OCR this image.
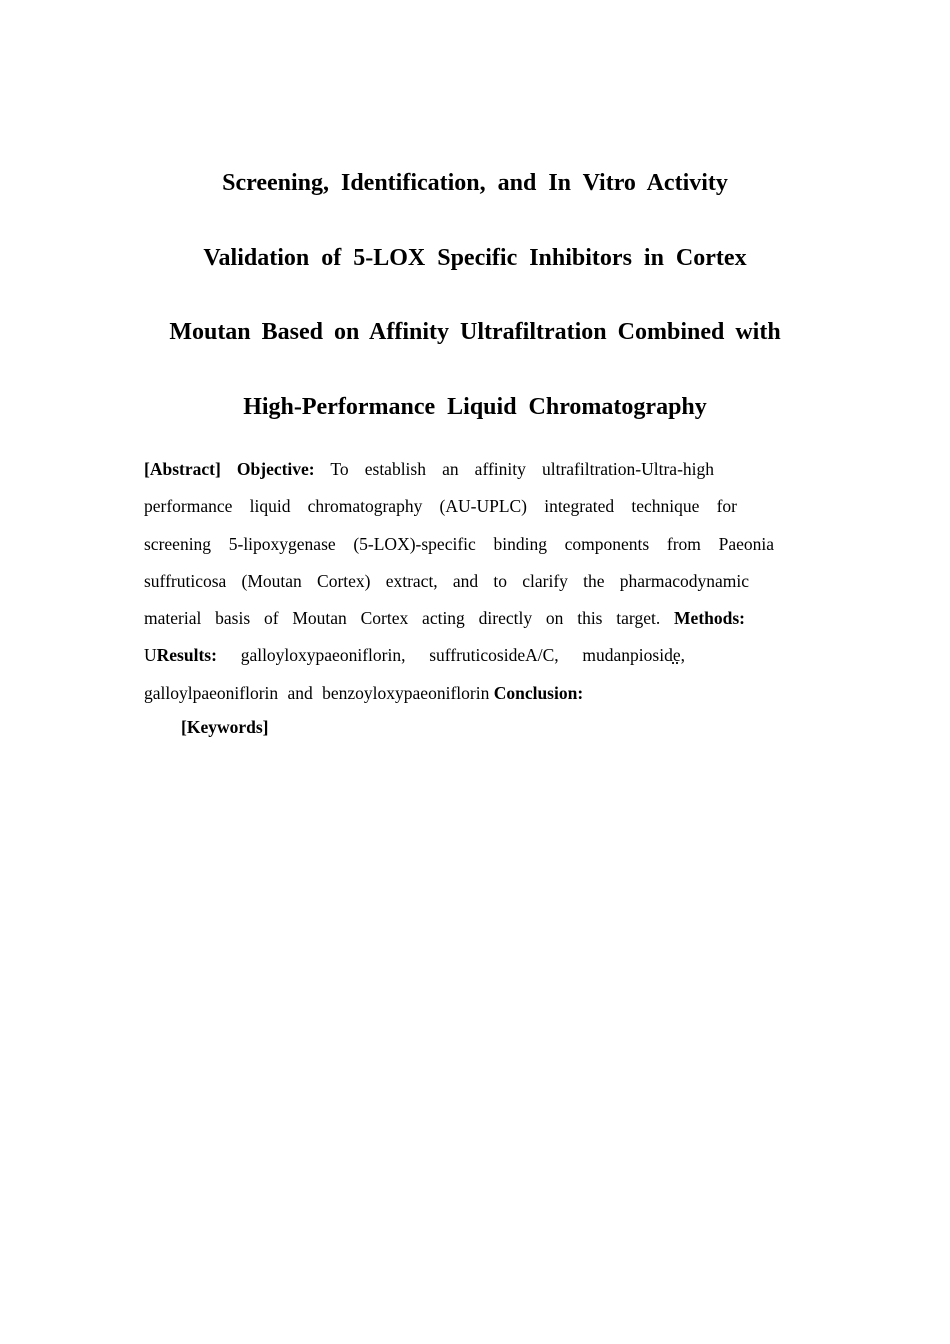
Screening, Identification, and In Vitro Activity
Validation of 5-LOX Specific Inhibitors in Cortex
Moutan Based on Affinity Ultrafiltration Combined with
High-Performance Liquid Chromatography
[Abstract] Objective: To establish an affinity ultrafiltration-Ultra-high
performance liquid chromatography (AU-UPLC) integrated technique for
screening 5-lipoxygenase (5-LOX)-specific binding components from Paeonia
suffruticosa (Moutan Cortex) extract, and to clarify the pharmacodynamic
material basis of Moutan Cortex acting directly on this target. Methods:
UResults: galloyloxypaeoniflorin, suffruticosideA/C, mudanpioside,
galloylpaeoniflorin and benzoyloxypaeoniflorin Conclusion:
[Keywords]
